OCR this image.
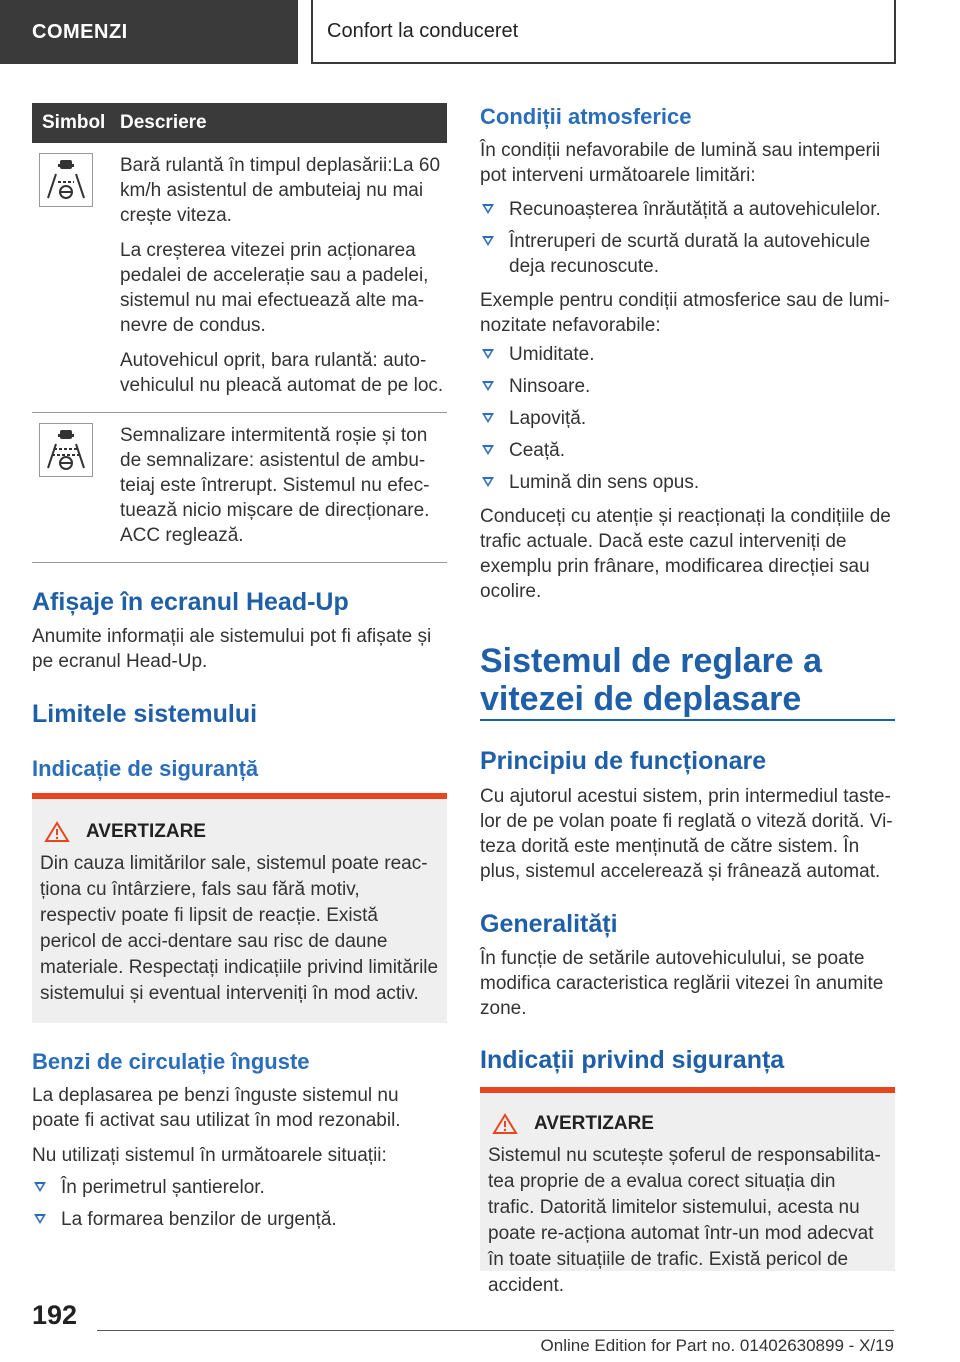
COMENZI	Confort la conduceret
Simbol Descriere

Bară rulantă în timpul deplasării:La 60 km/h asistentul de ambuteiaj nu mai crește viteza.

La creșterea vitezei prin acționarea pedalei de accelerație sau a padelei, sistemul nu mai efectuează alte ma-nevre de condus.

Autovehicul oprit, bara rulantă: auto-vehiculul nu pleacă automat de pe loc.

Semnalizare intermitentă roșie și ton de semnalizare: asistentul de ambu-teiaj este întrerupt. Sistemul nu efec-tuează nicio mișcare de direcționare. ACC reglează.

Afișaje în ecranul Head-Up
Anumite informații ale sistemului pot fi afișate și pe ecranul Head-Up.
Limitele sistemului
Indicație de siguranță
AVERTIZARE
Din cauza limitărilor sale, sistemul poate reac-ționa cu întârziere, fals sau fără motiv, respectiv poate fi lipsit de reacție. Există pericol de acci-dentare sau risc de daune materiale. Respectați indicațiile privind limitările sistemului și eventual interveniți în mod activ.
Benzi de circulație înguste
La deplasarea pe benzi înguste sistemul nu poate fi activat sau utilizat în mod rezonabil.
Nu utilizați sistemul în următoarele situații:
În perimetrul șantierelor.
La formarea benzilor de urgență.
Condiții atmosferice
În condiții nefavorabile de lumină sau intemperii pot interveni următoarele limitări:
Recunoașterea înrăutățită a autovehiculelor.
Întreruperi de scurtă durată la autovehicule deja recunoscute.
Exemple pentru condiții atmosferice sau de lumi-nozitate nefavorabile:
Umiditate.
Ninsoare.
Lapoviță.
Ceață.
Lumină din sens opus.
Conduceți cu atenție și reacționați la condițiile de trafic actuale. Dacă este cazul interveniți de exemplu prin frânare, modificarea direcției sau ocolire.
Sistemul de reglare a
vitezei de deplasare
Principiu de funcționare
Cu ajutorul acestui sistem, prin intermediul taste-lor de pe volan poate fi reglată o viteză dorită. Vi-teza dorită este menținută de către sistem. În plus, sistemul accelerează și frânează automat.
Generalități
În funcție de setările autovehiculului, se poate modifica caracteristica reglării vitezei în anumite zone.
Indicații privind siguranța
AVERTIZARE
Sistemul nu scutește șoferul de responsabilita-tea proprie de a evalua corect situația din trafic. Datorită limitelor sistemului, acesta nu poate re-acționa automat într-un mod adecvat în toate situațiile de trafic. Există pericol de accident.
192
Online Edition for Part no. 01402630899 - X/19
